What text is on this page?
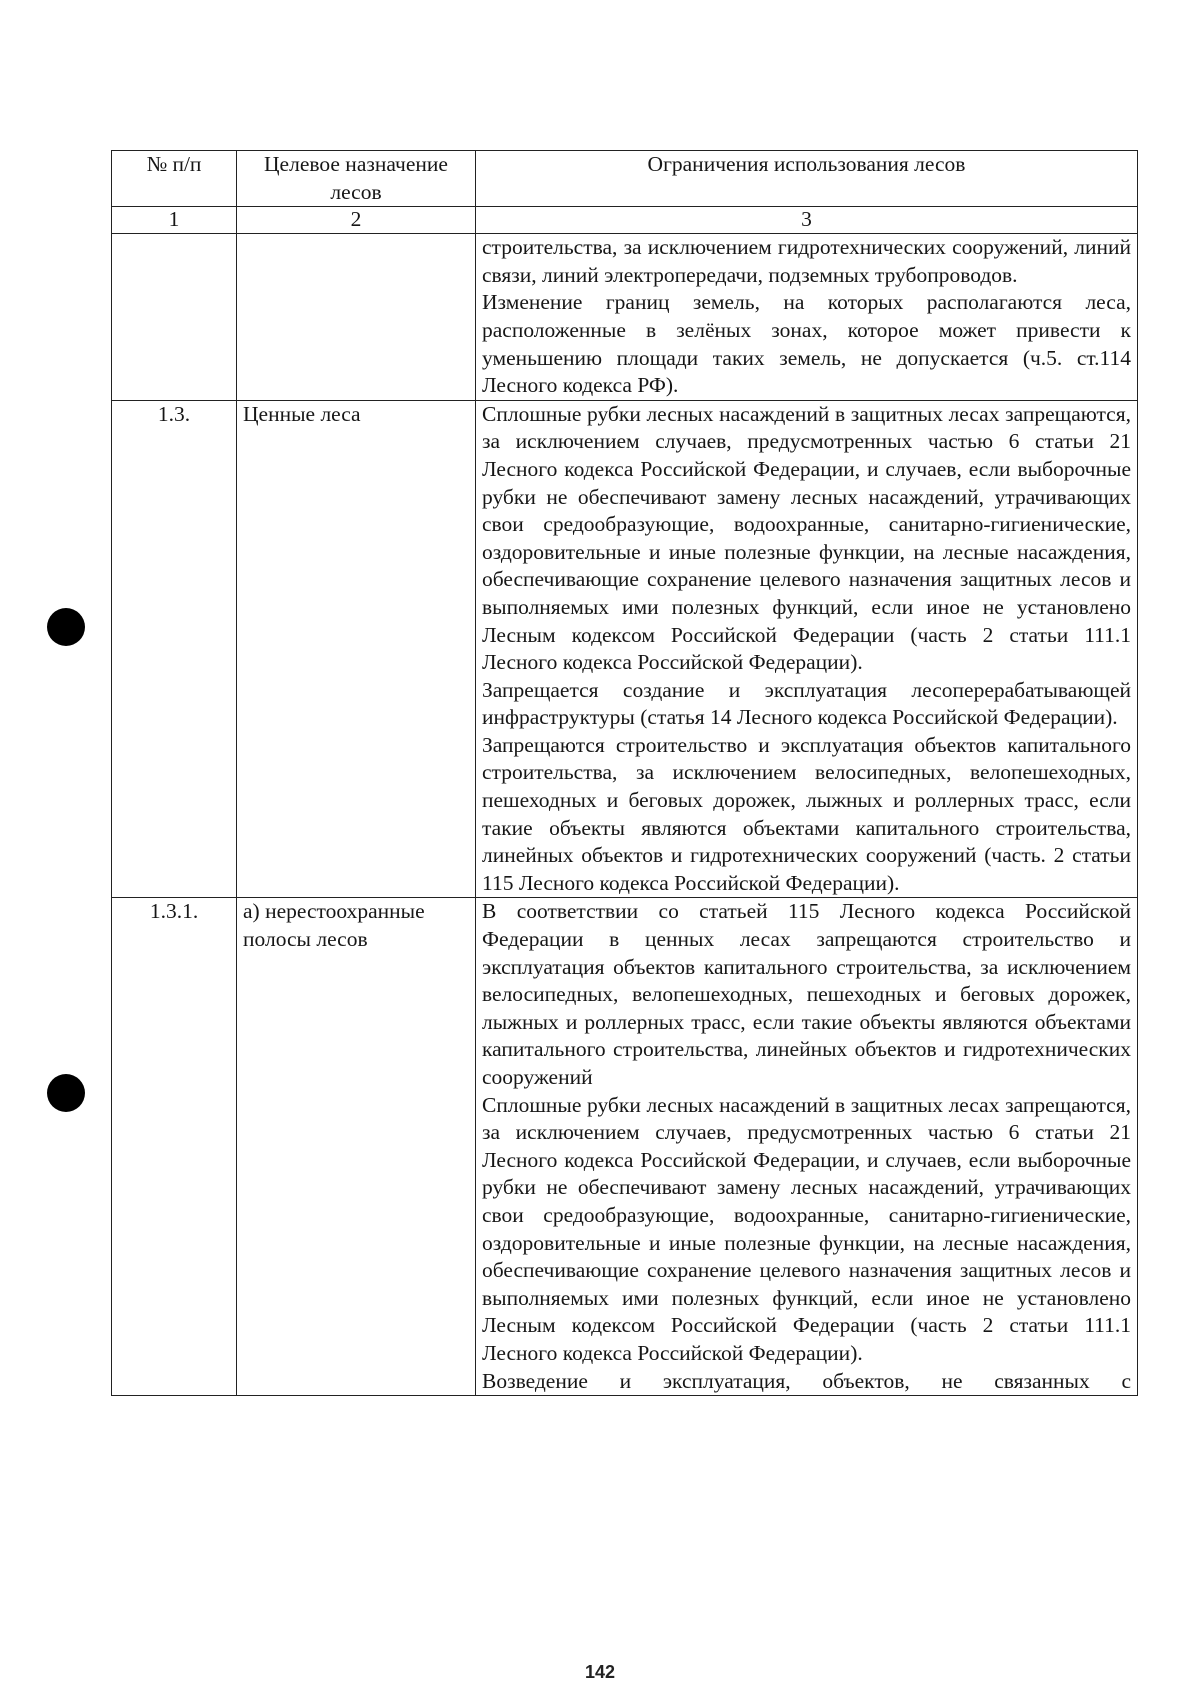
№ п/п	Целевое назначение лесов	Ограничения использования лесов
1	2	3

		строительства, за исключением гидротехнических сооружений, линий связи, линий электропередачи, подземных трубопроводов.
Изменение границ земель, на которых располагаются леса, расположенные в зелёных зонах, которое может привести к уменьшению площади таких земель, не допускается (ч.5. ст.114 Лесного кодекса РФ).

1.3.	Ценные леса	Сплошные рубки лесных насаждений в защитных лесах запрещаются, за исключением случаев, предусмотренных частью 6 статьи 21 Лесного кодекса Российской Федерации, и случаев, если выборочные рубки не обеспечивают замену лесных насаждений, утрачивающих свои средообразующие, водоохранные, санитарно-гигиенические, оздоровительные и иные полезные функции, на лесные насаждения, обеспечивающие сохранение целевого назначения защитных лесов и выполняемых ими полезных функций, если иное не установлено Лесным кодексом Российской Федерации (часть 2 статьи 111.1 Лесного кодекса Российской Федерации).
Запрещается создание и эксплуатация лесоперерабатывающей инфраструктуры (статья 14 Лесного кодекса Российской Федерации).
Запрещаются строительство и эксплуатация объектов капитального строительства, за исключением велосипедных, велопешеходных, пешеходных и беговых дорожек, лыжных и роллерных трасс, если такие объекты являются объектами капитального строительства, линейных объектов и гидротехнических сооружений (часть. 2 статьи 115 Лесного кодекса Российской Федерации).

1.3.1.	а) нерестоохранные полосы лесов	В соответствии со статьей 115 Лесного кодекса Российской Федерации в ценных лесах запрещаются строительство и эксплуатация объектов капитального строительства, за исключением велосипедных, велопешеходных, пешеходных и беговых дорожек, лыжных и роллерных трасс, если такие объекты являются объектами капитального строительства, линейных объектов и гидротехнических сооружений
Сплошные рубки лесных насаждений в защитных лесах запрещаются, за исключением случаев, предусмотренных частью 6 статьи 21 Лесного кодекса Российской Федерации, и случаев, если выборочные рубки не обеспечивают замену лесных насаждений, утрачивающих свои средообразующие, водоохранные, санитарно-гигиенические, оздоровительные и иные полезные функции, на лесные насаждения, обеспечивающие сохранение целевого назначения защитных лесов и выполняемых ими полезных функций, если иное не установлено Лесным кодексом Российской Федерации (часть 2 статьи 111.1 Лесного кодекса Российской Федерации).
Возведение и эксплуатация, объектов, не связанных с
142
